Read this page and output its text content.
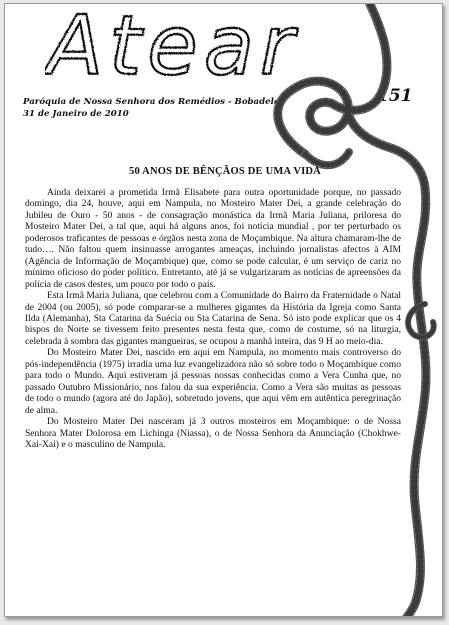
Atear
Paróquia de Nossa Senhora dos Remédios - Bobadela
31 de Janeiro de 2010
151
50 ANOS DE BÊNÇÃOS DE UMA VIDA

Ainda deixarei a prometida Irmã Elisabete para outra oportunidade porque, no passado domingo, dia 24, houve, aqui em Nampula, no Mosteiro Mater Dei, a grande celebração do Jubileu de Ouro - 50 anos - de consagração monástica da Irmã Maria Juliana, priloresa do Mosteiro Mater Dei, a tal que, aqui há alguns anos, foi notícia mundial , por ter perturbado os poderosos traficantes de pessoas e órgãos nesta zona de Moçambique. Na altura chamaram-lhe de tudo…. Não faltou quem insinuasse arrogantes ameaças, incluindo jornalistas afectos à AIM (Agência de Informação de Moçambique) que, como se pode calcular, é um serviço de cariz no mínimo oficioso do poder político. Entretanto, até já se vulgarizaram as notícias de apreensões da polícia de casos destes, um pouco por todo o país.

Esta Irmã Maria Juliana, que celebrou com a Comunidade do Bairro da Fraternidade o Natal de 2004 (ou 2005), só pode comparar-se a mulheres gigantes da História da Igreja como Santa Ilda (Alemanha), Sta Catarina da Suécia ou Sta Catarina de Sena. Só isto pode explicar que os 4 bispos do Norte se tivessem feito presentes nesta festa que, como de costume, só na liturgia, celebrada à sombra das gigantes mangueiras, se ocupou a manhã inteira, das 9 H ao meio-dia.

Do Mosteiro Mater Dei, nascido em aqui em Nampula, no momento mais controverso do pós-independência (1975) irradia uma luz evangelizadora não só sobre todo o Moçambique como para todo o Mundo. Aqui estiveram já pessoas nossas conhecidas como a Vera Cunha que, no passado Outubro Missionário, nos falou da sua experiência. Como a Vera são muitas as pessoas de todo o mundo (agora até do Japão), sobretudo jovens, que aqui vêm em autêntica peregrinação de alma.

Do Mosteiro Mater Dei nasceram já 3 outros mosteiros em Moçambique: o de Nossa Senhora Mater Dolorosa em Lichinga (Niassa), o de Nossa Senhora da Anunciação (Chokhwe-Xai-Xai) e o masculino de Nampula.
